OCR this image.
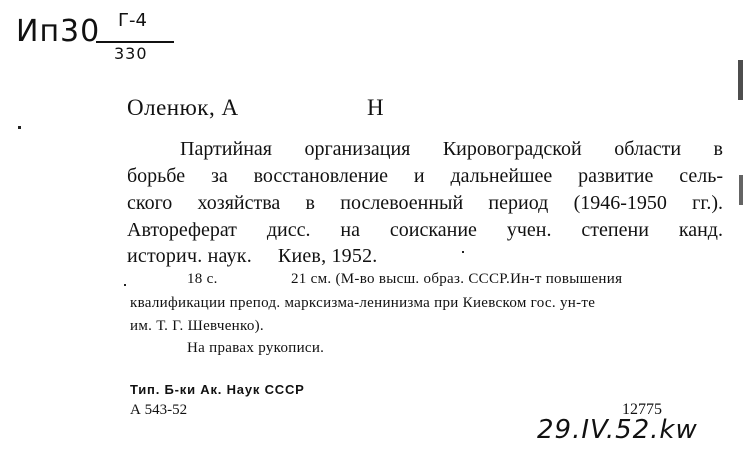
Ип30 Г-4
330
Оленюк, А	Н
Партийная организация Кировоградской области в
борьбе за восстановление и дальнейшее развитие сель-
ского хозяйства в послевоенный период (1946-1950 гг.).
Автореферат дисс. на соискание учен. степени канд.
историч. наук.     Киев, 1952.
18 с.	21 см. (М-во высш. образ. СССР.Ин-т повышения
квалификации препод. марксизма-ленинизма при Киевском гос. ун-те
им. Т. Г. Шевченко).
На правах рукописи.
Тип. Б-ки Ак. Наук СССР
А 543-52	12775
29.IV.52.kw
